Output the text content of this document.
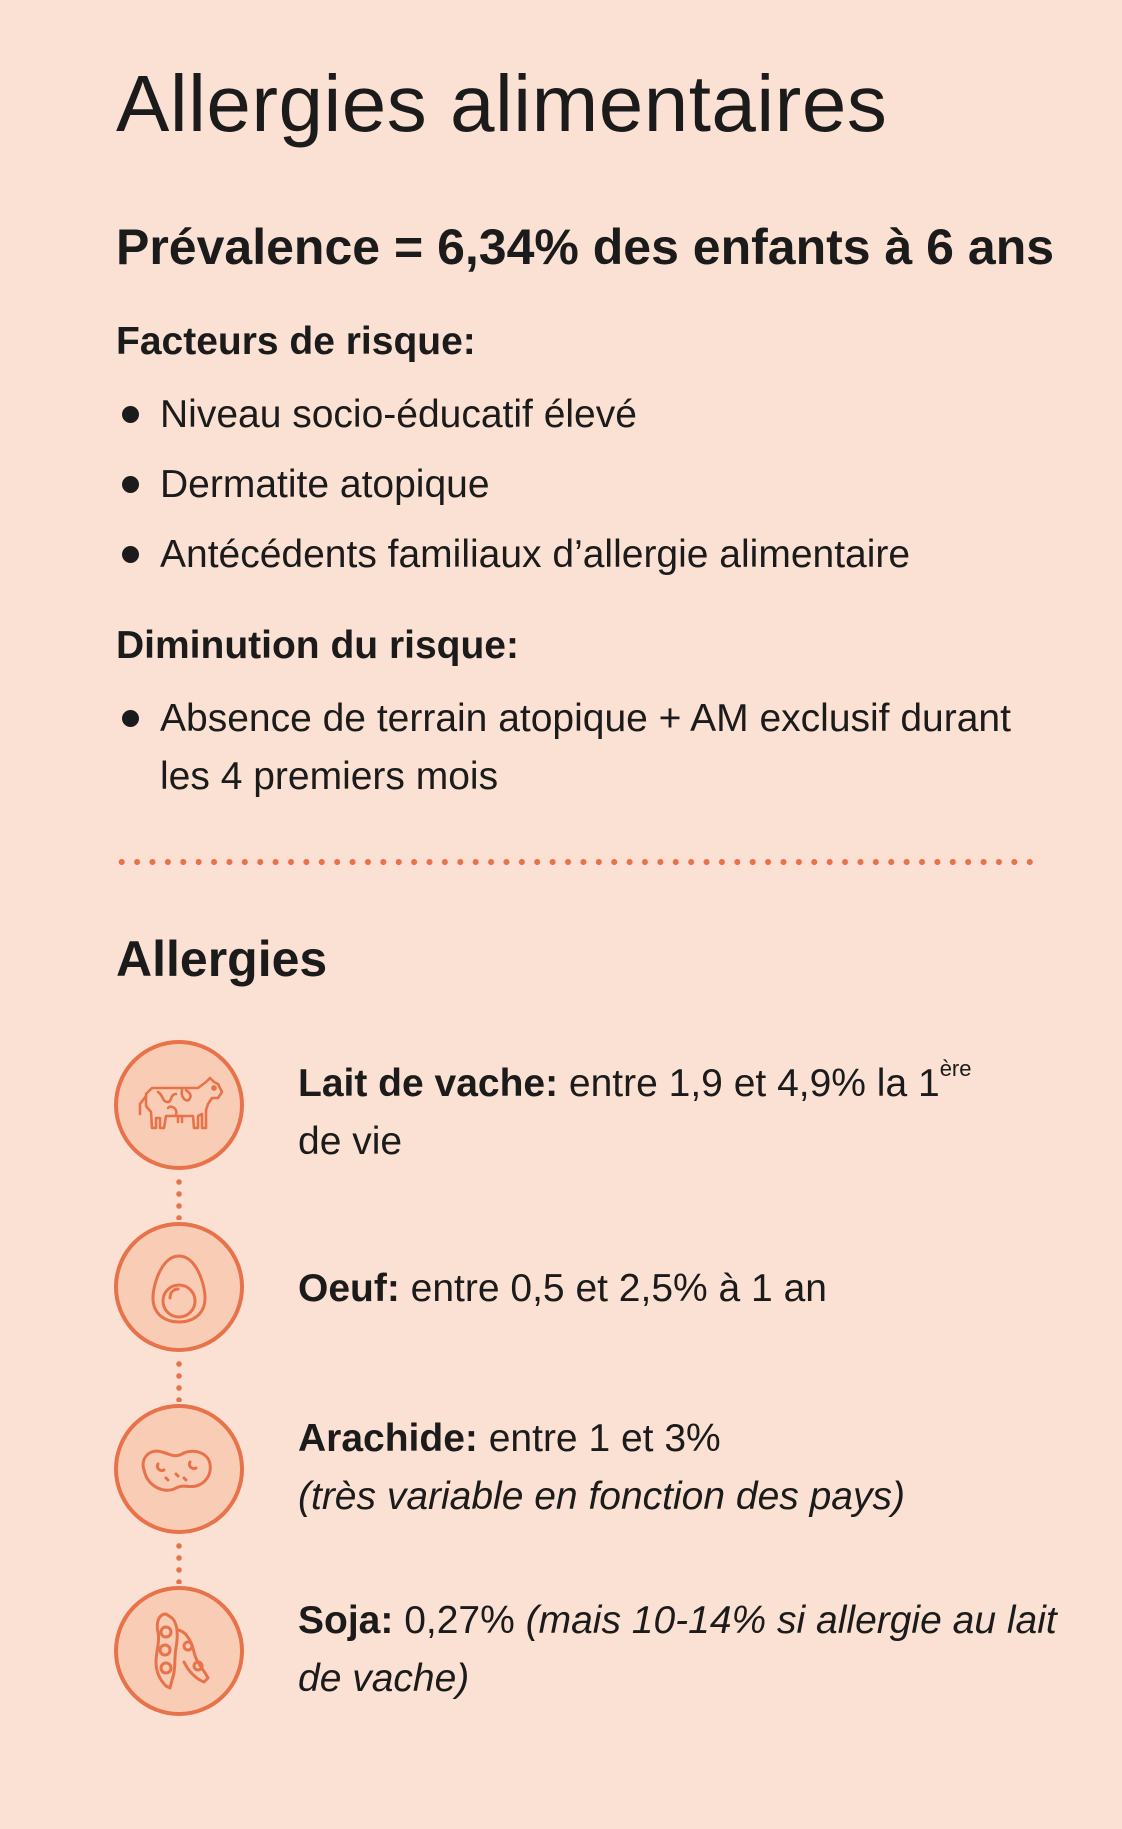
Allergies alimentaires
Prévalence = 6,34% des enfants à 6 ans
Facteurs de risque:
Niveau socio-éducatif élevé
Dermatite atopique
Antécédents familiaux d’allergie alimentaire
Diminution du risque:
Absence de terrain atopique + AM exclusif durant les 4 premiers mois
Allergies

Lait de vache: entre 1,9 et 4,9% la 1ère
de vie

Oeuf: entre 0,5 et 2,5% à 1 an

Arachide: entre 1 et 3%
(très variable en fonction des pays)

Soja: 0,27% (mais 10-14% si allergie au lait de vache)
